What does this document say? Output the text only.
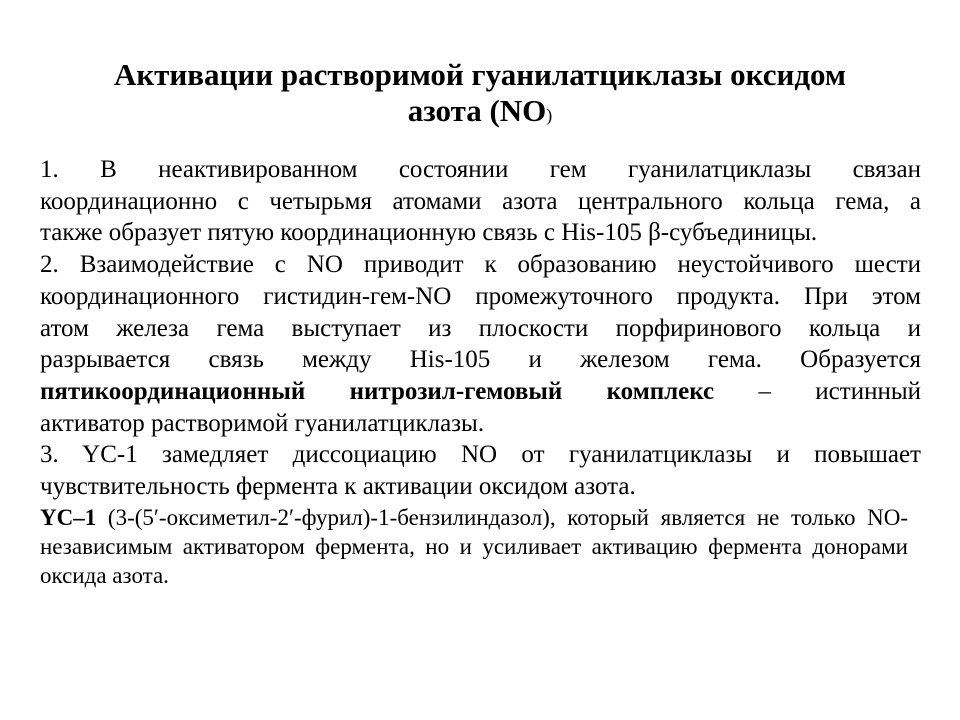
Активации растворимой гуанилатциклазы оксидом
азота (NO)
1. В неактивированном состоянии гем гуанилатциклазы связан
координационно с четырьмя атомами азота центрального кольца гема, а
также образует пятую координационную связь с His-105 β-субъединицы.
2. Взаимодействие с NO приводит к образованию неустойчивого шести
координационного гистидин-гем-NO промежуточного продукта. При этом
атом железа гема выступает из плоскости порфиринового кольца и
разрывается связь между His-105 и железом гема. Образуется
пятикоординационный нитрозил-гемовый комплекс – истинный
активатор растворимой гуанилатциклазы.
3. YC-1 замедляет диссоциацию NO от гуанилатциклазы и повышает
чувствительность фермента к активации оксидом азота.
YC–1 (3-(5′-оксиметил-2′-фурил)-1-бензилиндазол), который является не только NO-
независимым активатором фермента, но и усиливает активацию фермента донорами
оксида азота.
